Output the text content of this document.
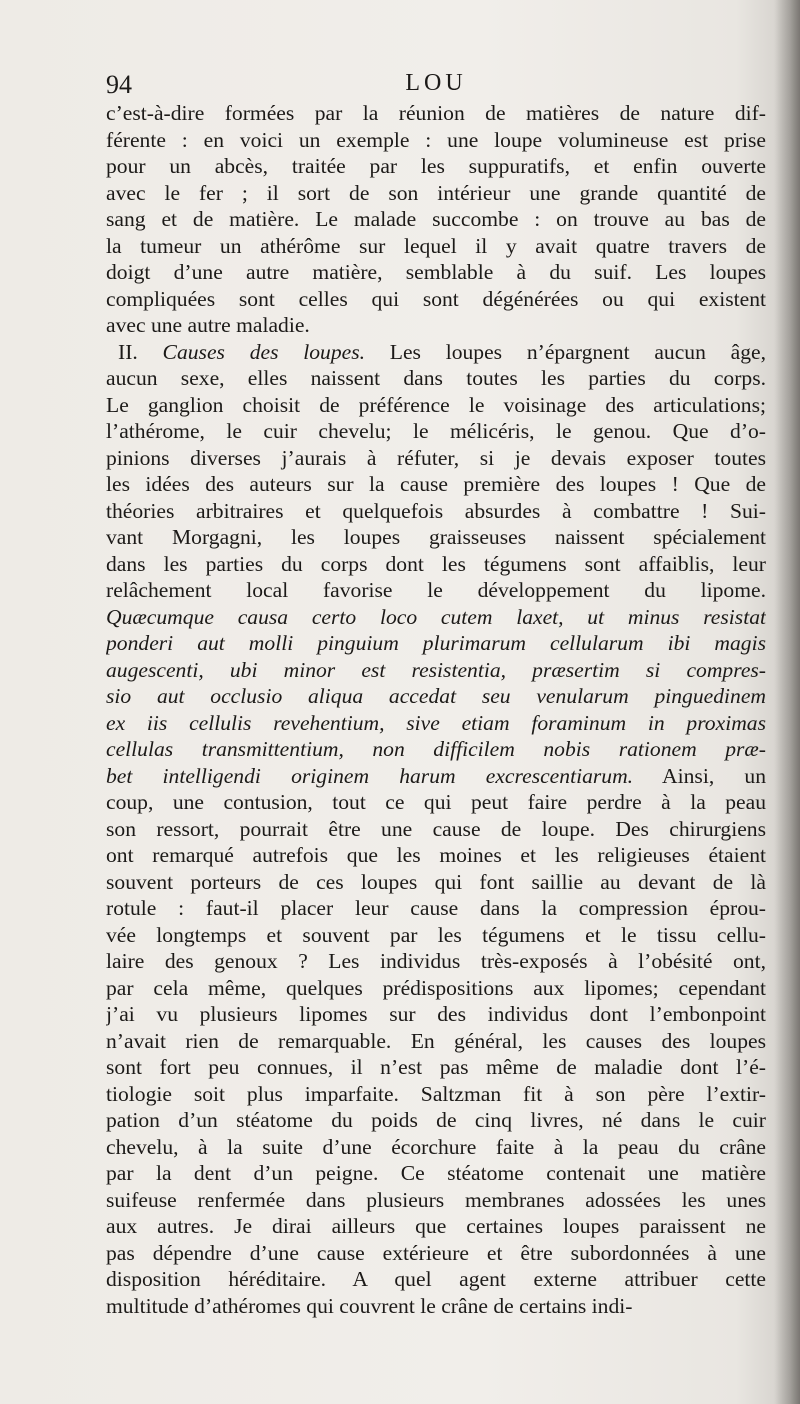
94	LOU
c’est-à-dire formées par la réunion de matières de nature dif-
férente : en voici un exemple : une loupe volumineuse est prise
pour un abcès, traitée par les suppuratifs, et enfin ouverte
avec le fer ; il sort de son intérieur une grande quantité de
sang et de matière. Le malade succombe : on trouve au bas de
la tumeur un athérôme sur lequel il y avait quatre travers de
doigt d’une autre matière, semblable à du suif. Les loupes
compliquées sont celles qui sont dégénérées ou qui existent
avec une autre maladie.
II. Causes des loupes. Les loupes n’épargnent aucun âge,
aucun sexe, elles naissent dans toutes les parties du corps.
Le ganglion choisit de préférence le voisinage des articulations;
l’athérome, le cuir chevelu; le mélicéris, le genou. Que d’o-
pinions diverses j’aurais à réfuter, si je devais exposer toutes
les idées des auteurs sur la cause première des loupes ! Que de
théories arbitraires et quelquefois absurdes à combattre ! Sui-
vant Morgagni, les loupes graisseuses naissent spécialement
dans les parties du corps dont les tégumens sont affaiblis, leur
relâchement local favorise le développement du lipome.
Quæcumque causa certo loco cutem laxet, ut minus resistat
ponderi aut molli pinguium plurimarum cellularum ibi magis
augescenti, ubi minor est resistentia, præsertim si compres-
sio aut occlusio aliqua accedat seu venularum pinguedinem
ex iis cellulis revehentium, sive etiam foraminum in proximas
cellulas transmittentium, non difficilem nobis rationem præ-
bet intelligendi originem harum excrescentiarum. Ainsi, un
coup, une contusion, tout ce qui peut faire perdre à la peau
son ressort, pourrait être une cause de loupe. Des chirurgiens
ont remarqué autrefois que les moines et les religieuses étaient
souvent porteurs de ces loupes qui font saillie au devant de là
rotule : faut-il placer leur cause dans la compression éprou-
vée longtemps et souvent par les tégumens et le tissu cellu-
laire des genoux ? Les individus très-exposés à l’obésité ont,
par cela même, quelques prédispositions aux lipomes; cependant
j’ai vu plusieurs lipomes sur des individus dont l’embonpoint
n’avait rien de remarquable. En général, les causes des loupes
sont fort peu connues, il n’est pas même de maladie dont l’é-
tiologie soit plus imparfaite. Saltzman fit à son père l’extir-
pation d’un stéatome du poids de cinq livres, né dans le cuir
chevelu, à la suite d’une écorchure faite à la peau du crâne
par la dent d’un peigne. Ce stéatome contenait une matière
suifeuse renfermée dans plusieurs membranes adossées les unes
aux autres. Je dirai ailleurs que certaines loupes paraissent ne
pas dépendre d’une cause extérieure et être subordonnées à une
disposition héréditaire. A quel agent externe attribuer cette
multitude d’athéromes qui couvrent le crâne de certains indi-
